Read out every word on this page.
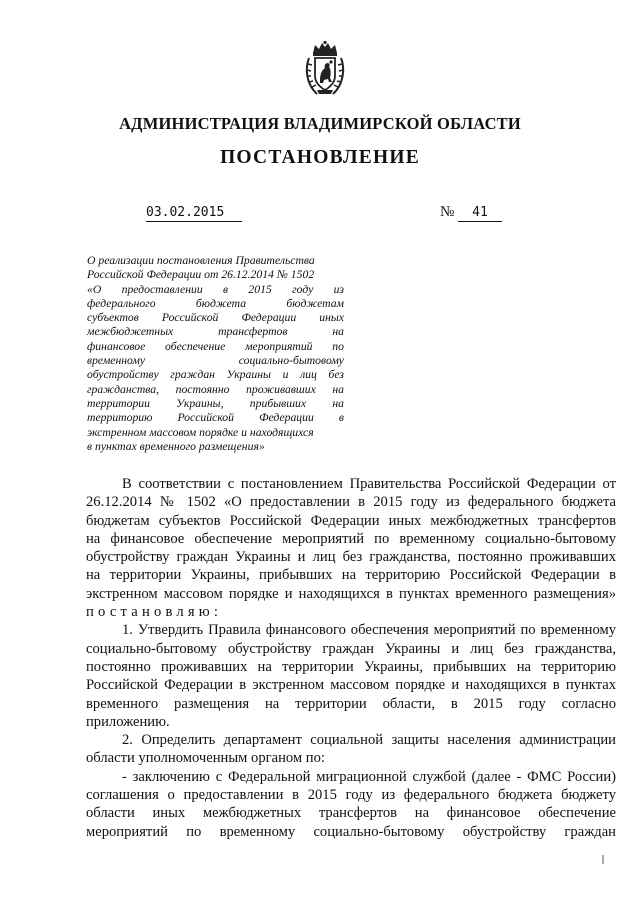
АДМИНИСТРАЦИЯ ВЛАДИМИРСКОЙ ОБЛАСТИ
ПОСТАНОВЛЕНИЕ
03.02.2015	№	41
О реализации постановления Правительства
Российской Федерации от 26.12.2014 № 1502
«О предоставлении в 2015 году из
федерального бюджета бюджетам
субъектов Российской Федерации иных
межбюджетных трансфертов на
финансовое обеспечение мероприятий по
временному социально-бытовому
обустройству граждан Украины и лиц без
гражданства, постоянно проживавших на
территории Украины, прибывших на
территорию Российской Федерации в
экстренном массовом порядке и находящихся
в пунктах временного размещения»
В соответствии с постановлением Правительства Российской Федерации от
26.12.2014 № 1502 «О предоставлении в 2015 году из федерального бюджета
бюджетам субъектов Российской Федерации иных межбюджетных трансфертов
на финансовое обеспечение мероприятий по временному социально-бытовому
обустройству граждан Украины и лиц без гражданства, постоянно проживавших
на территории Украины, прибывших на территорию Российской Федерации в
экстренном массовом порядке и находящихся в пунктах временного размещения»
постановляю:
1. Утвердить Правила финансового обеспечения мероприятий по временному
социально-бытовому обустройству граждан Украины и лиц без гражданства,
постоянно проживавших на территории Украины, прибывших на территорию
Российской Федерации в экстренном массовом порядке и находящихся в пунктах
временного размещения на территории области, в 2015 году согласно
приложению.
2. Определить департамент социальной защиты населения администрации
области уполномоченным органом по:
- заключению с Федеральной миграционной службой (далее - ФМС России)
соглашения о предоставлении в 2015 году из федерального бюджета бюджету
области иных межбюджетных трансфертов на финансовое обеспечение
мероприятий по временному социально-бытовому обустройству граждан
